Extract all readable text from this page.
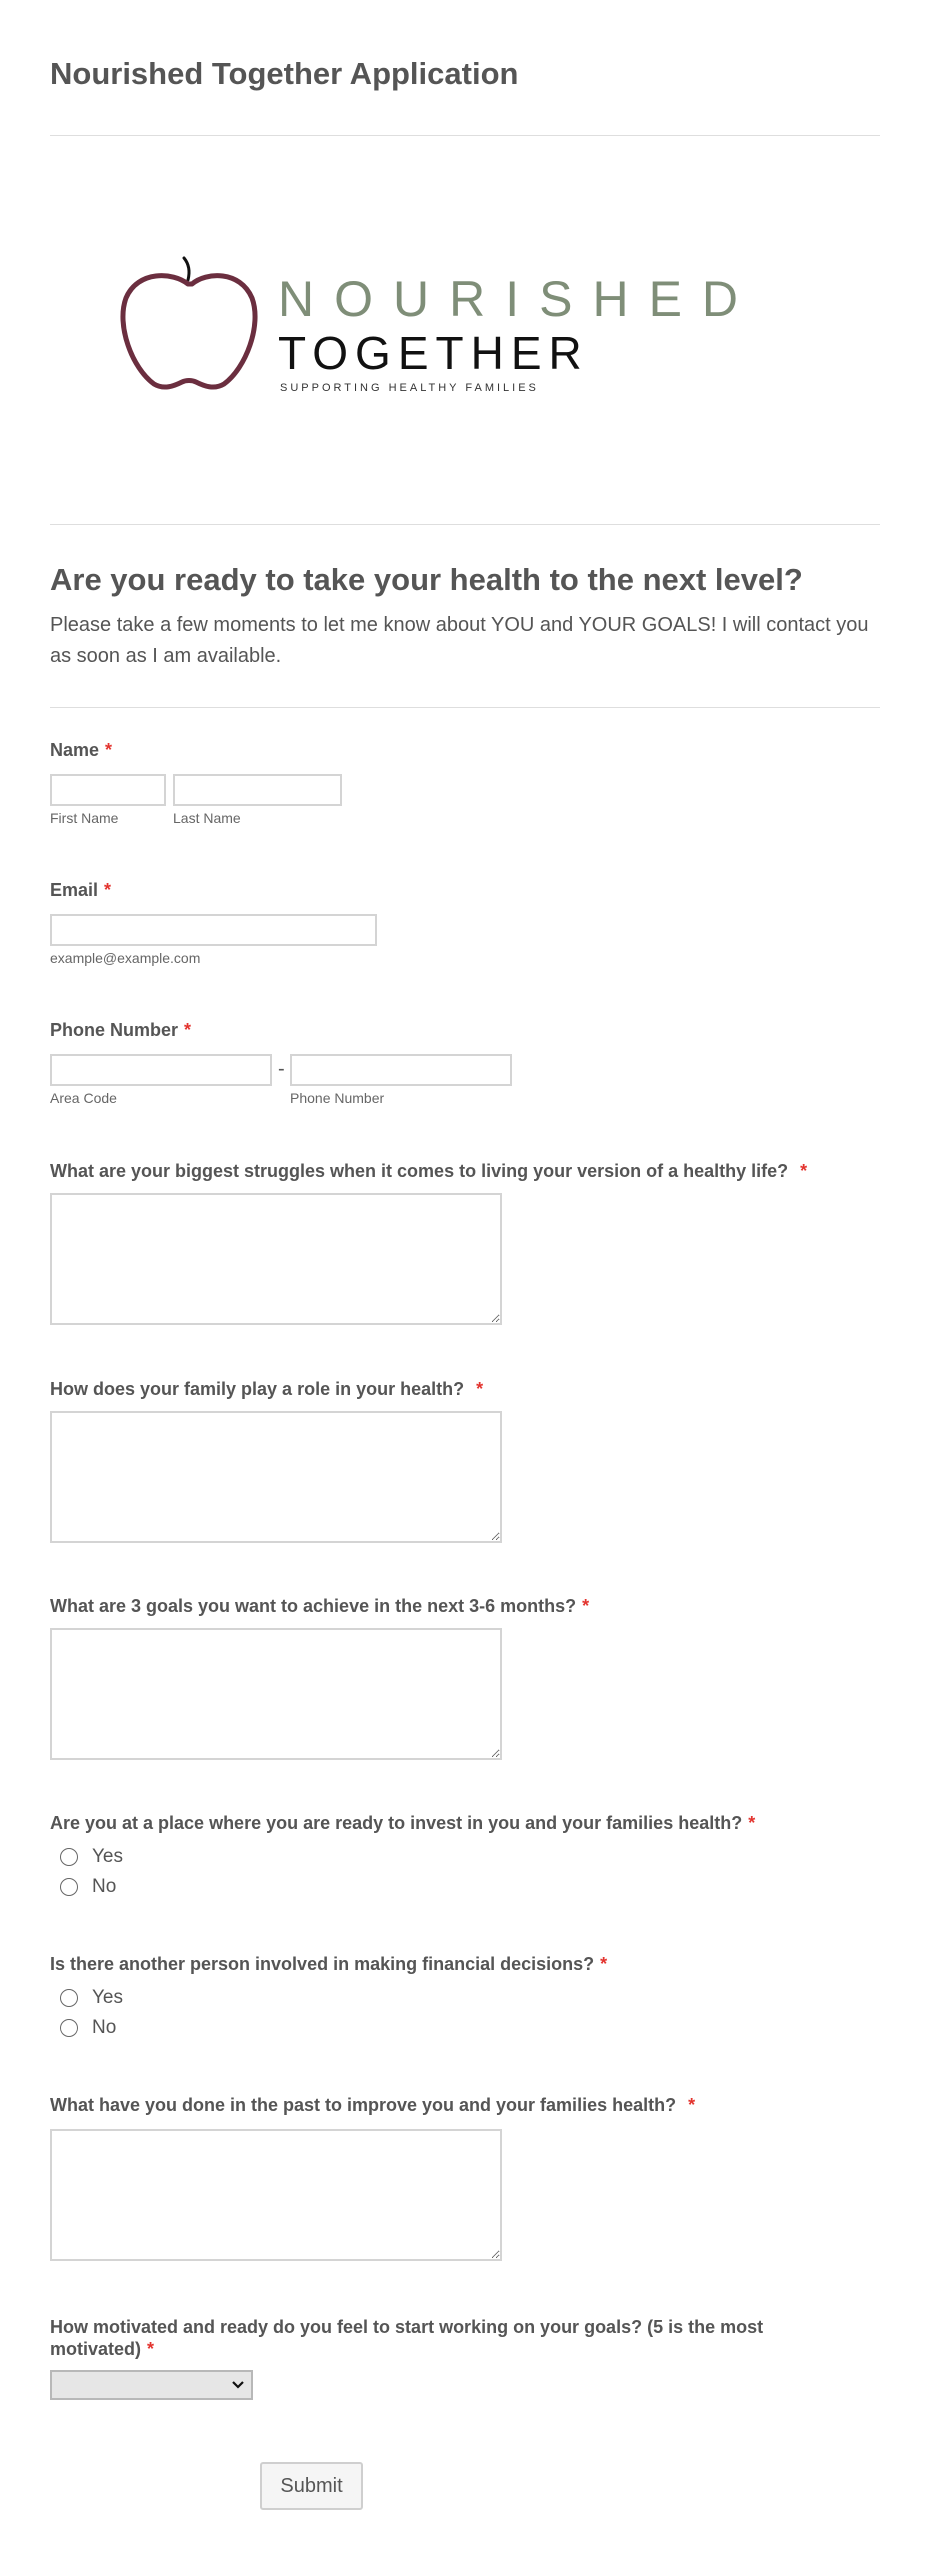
Nourished Together Application
NOURISHED
TOGETHER
SUPPORTING HEALTHY FAMILIES
Are you ready to take your health to the next level?
Please take a few moments to let me know about YOU and YOUR GOALS! I will contact you as soon as I am available.
Name *
First Name	Last Name
Email *
example@example.com
Phone Number *
-
Area Code	Phone Number
What are your biggest struggles when it comes to living your version of a healthy life? *
How does your family play a role in your health? *
What are 3 goals you want to achieve in the next 3-6 months? *
Are you at a place where you are ready to invest in you and your families health? *
Yes
No
Is there another person involved in making financial decisions? *
Yes
No
What have you done in the past to improve you and your families health? *
How motivated and ready do you feel to start working on your goals? (5 is the most motivated) *
Submit
